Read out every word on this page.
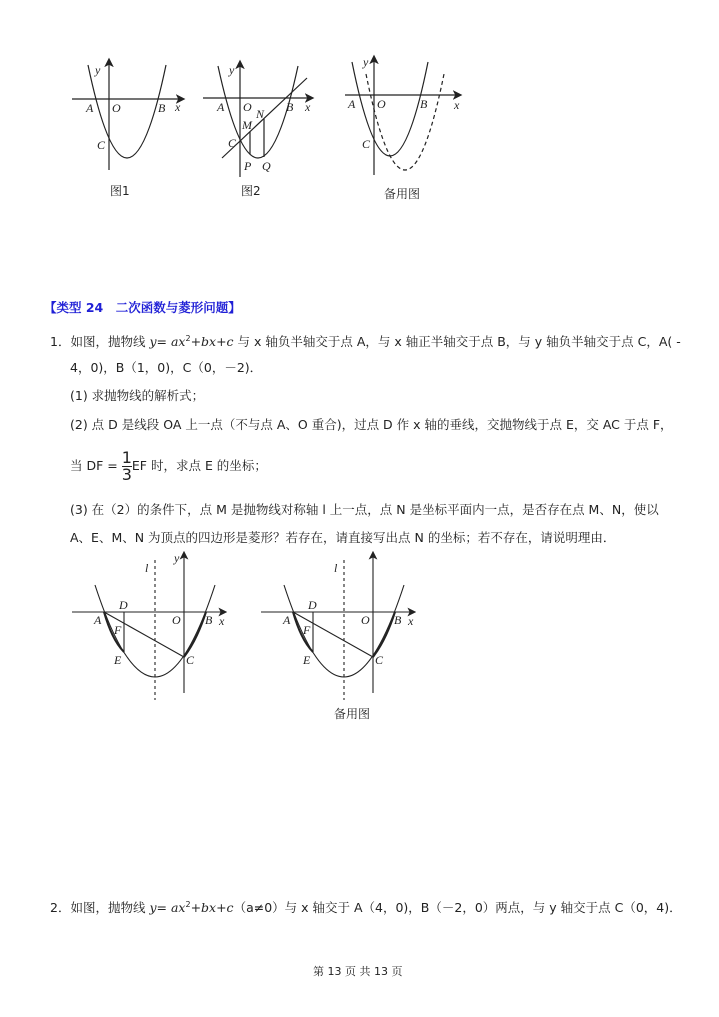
y
x
A O	B
C
图1
y
x
A O	B
C
M
N
P Q
图2
y
x
A O	B
C
备用图
l
y
D
A
F
E
O B x
C
l
D
A
F
E
O B x
C
备用图
【类型 24　二次函数与菱形问题】
1．如图，抛物线 $y= ax^2+bx+c$ 与 x 轴负半轴交于点 A，与 x 轴正半轴交于点 B，与 y 轴负半轴交于点 C，A( -
4，0)，B（1，0)，C（0，－2)．
(1) 求抛物线的解析式；
(2) 点 D 是线段 OA 上一点（不与点 A、O 重合)，过点 D 作 x 轴的垂线，交抛物线于点 E，交 AC 于点 F，
当 DF = $\frac{1}{3}$ EF 时，求点 E 的坐标；
(3) 在（2）的条件下，点 M 是抛物线对称轴 l 上一点，点 N 是坐标平面内一点，是否存在点 M、N，使以
A、E、M、N 为顶点的四边形是菱形？若存在，请直接写出点 N 的坐标；若不存在，请说明理由．
2．如图，抛物线 $y= ax^2+bx+c(a\ne 0)$与 x 轴交于 A（4，0)，B（－2，0）两点，与 y 轴交于点 C（0，4)．
第 13 页 共 13 页
